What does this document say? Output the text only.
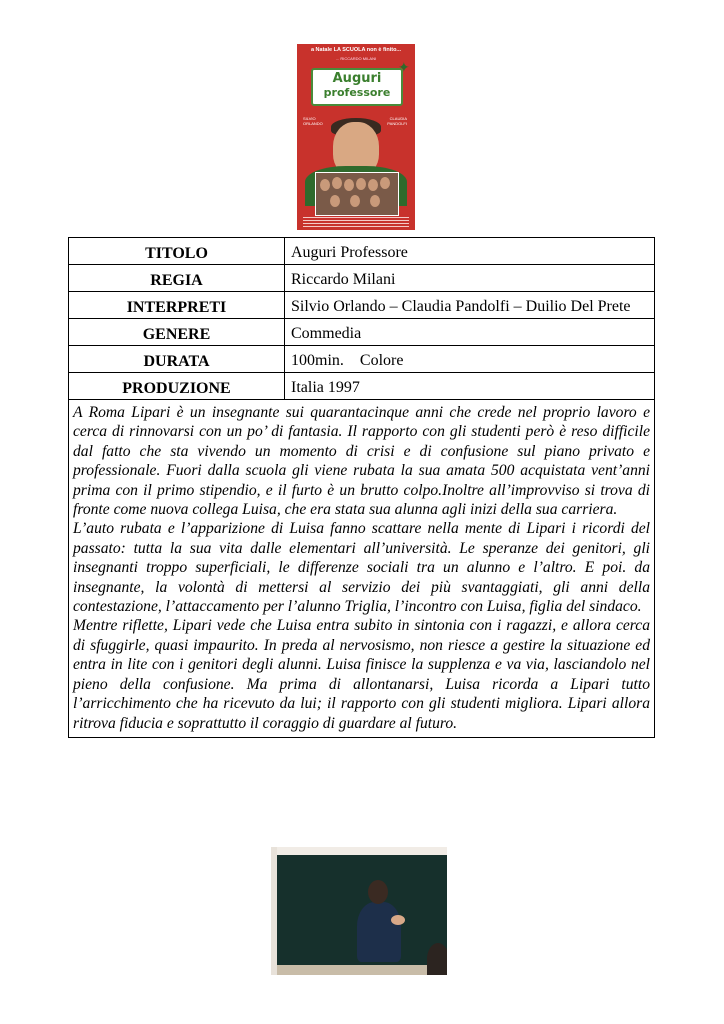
a Natale LA SCUOLA non è finito...
... RICCARDO MILANI
Auguri
professore
✦
SILVIO
ORLANDO
CLAUDIA
PANDOLFI
TITOLO	Auguri Professore
REGIA	Riccardo Milani
INTERPRETI	Silvio Orlando – Claudia Pandolfi – Duilio Del Prete
GENERE	Commedia
DURATA	100min.    Colore
PRODUZIONE	Italia 1997

A Roma Lipari è un insegnante sui quarantacinque anni che crede nel proprio lavoro e cerca di rinnovarsi con un po’ di fantasia. Il rapporto con gli studenti però è reso difficile dal fatto che sta vivendo un momento di crisi e di confusione sul piano privato e professionale. Fuori dalla scuola gli viene rubata la sua amata 500 acquistata vent’anni prima con il primo stipendio, e il furto è un brutto colpo.Inoltre all’improvviso si trova di fronte come nuova collega Luisa, che era stata sua alunna agli inizi della sua carriera.

L’auto rubata e l’apparizione di Luisa fanno scattare nella mente di Lipari i ricordi del passato: tutta la sua vita dalle elementari all’università. Le speranze dei genitori, gli insegnanti troppo superficiali, le differenze sociali tra un alunno e l’altro. E poi. da insegnante, la volontà di mettersi al servizio dei più svantaggiati, gli anni della contestazione, l’attaccamento per l’alunno Triglia, l’incontro con Luisa, figlia del sindaco.

Mentre riflette, Lipari vede che Luisa entra subito in sintonia con i ragazzi, e allora cerca di sfuggirle, quasi impaurito. In preda al nervosismo, non riesce a gestire la situazione ed entra in lite con i genitori degli alunni. Luisa finisce la supplenza e va via, lasciandolo nel pieno della confusione. Ma prima di allontanarsi, Luisa ricorda a Lipari tutto l’arricchimento che ha ricevuto da lui; il rapporto con gli studenti migliora. Lipari allora ritrova fiducia e soprattutto il coraggio di guardare al futuro.	
